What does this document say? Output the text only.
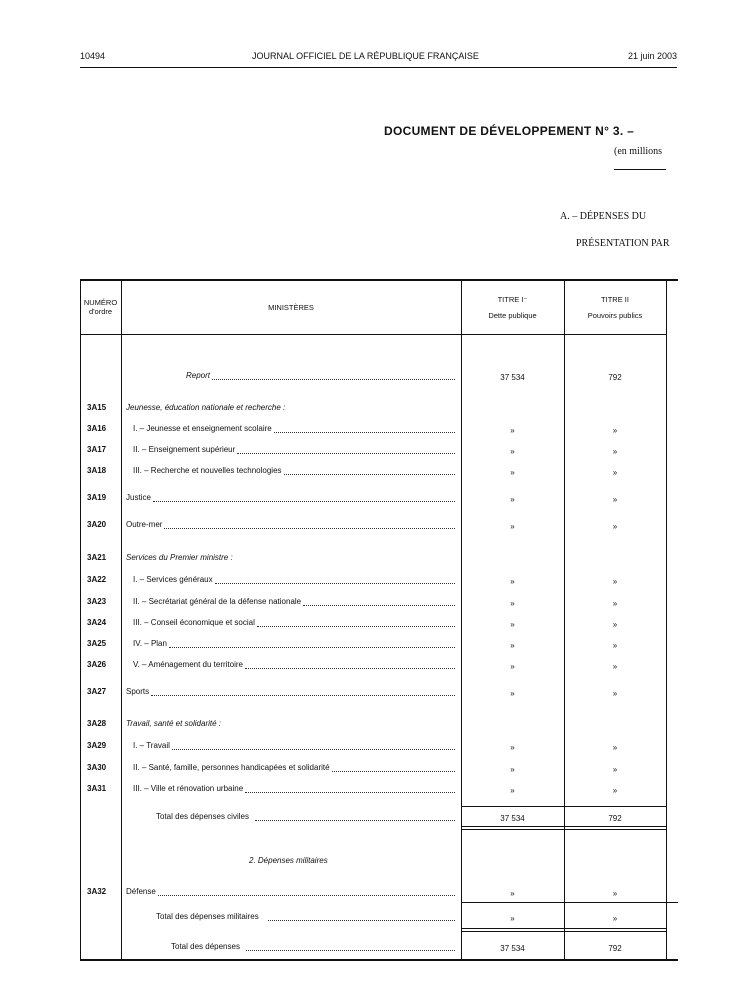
10494	JOURNAL OFFICIEL DE LA RÉPUBLIQUE FRANÇAISE	21 juin 2003
DOCUMENT DE DÉVELOPPEMENT N° 3. –
(en millions
A. – DÉPENSES DU
PRÉSENTATION PAR
NUMÉRO
d'ordre	MINISTÈRES
TITRE I⁻
Dette publique
TITRE II
Pouvoirs publics
Report	37 534	792
3A15 Jeunesse, éducation nationale et recherche :
3A16	I. – Jeunesse et enseignement scolaire	»	»
3A17	II. – Enseignement supérieur	»	»
3A18	III. – Recherche et nouvelles technologies	»	»
3A19 Justice	»	»
3A20 Outre-mer	»	»
3A21 Services du Premier ministre :
3A22	I. – Services généraux	»	»
3A23	II. – Secrétariat général de la défense nationale	»	»
3A24	III. – Conseil économique et social	»	»
3A25	IV. – Plan	»	»
3A26	V. – Aménagement du territoire	»	»
3A27 Sports	»	»
3A28 Travail, santé et solidarité :
3A29	I. – Travail	»	»
3A30	II. – Santé, famille, personnes handicapées et solidarité	»	»
3A31	III. – Ville et rénovation urbaine	»	»
Total des dépenses civiles	37 534	792
2. Dépenses militaires
3A32 Défense	»	»
Total des dépenses militaires	»	»
Total des dépenses	37 534	792
